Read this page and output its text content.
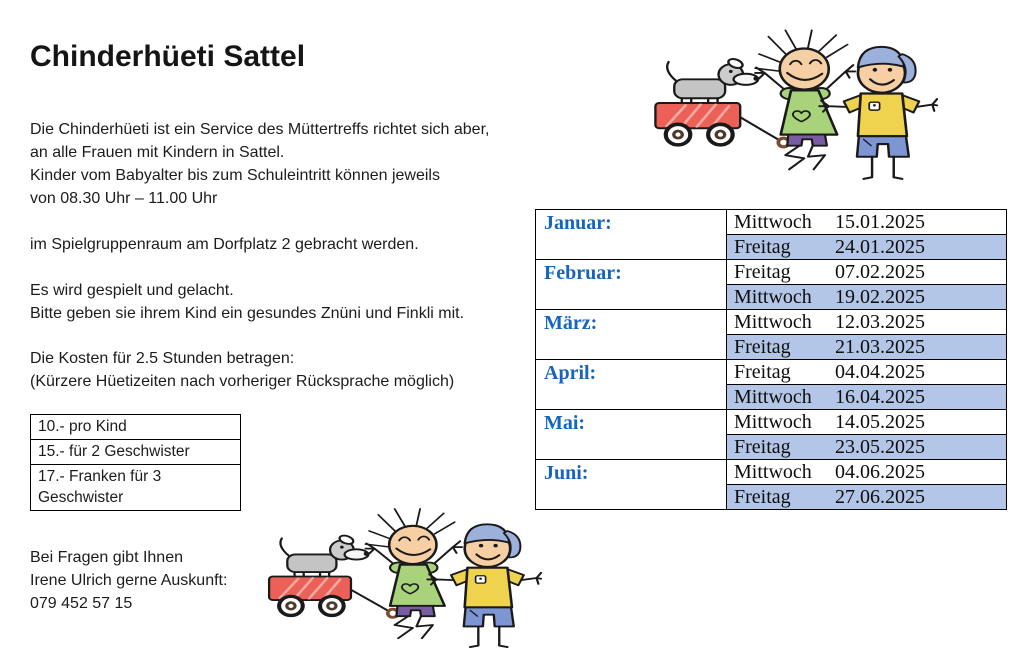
Chinderhüeti Sattel
Die Chinderhüeti ist ein Service des Müttertreffs richtet sich aber,
an alle Frauen mit Kindern in Sattel.
Kinder vom Babyalter bis zum Schuleintritt können jeweils
von 08.30 Uhr – 11.00 Uhr
im Spielgruppenraum am Dorfplatz 2 gebracht werden.
Es wird gespielt und gelacht.
Bitte geben sie ihrem Kind ein gesundes Znüni und Finkli mit.
Die Kosten für 2.5 Stunden betragen:
(Kürzere Hüetizeiten nach vorheriger Rücksprache möglich)
10.- pro Kind
15.- für 2 Geschwister
17.- Franken für 3 Geschwister
Bei Fragen gibt Ihnen
Irene Ulrich gerne Auskunft:
079 452 57 15
Januar:	Mittwoch 15.01.2025
	Freitag 24.01.2025
Februar:	Freitag 07.02.2025
	Mittwoch 19.02.2025
März:	Mittwoch 12.03.2025
	Freitag 21.03.2025
April:	Freitag 04.04.2025
	Mittwoch 16.04.2025
Mai:	Mittwoch 14.05.2025
	Freitag 23.05.2025
Juni:	Mittwoch 04.06.2025
	Freitag 27.06.2025
